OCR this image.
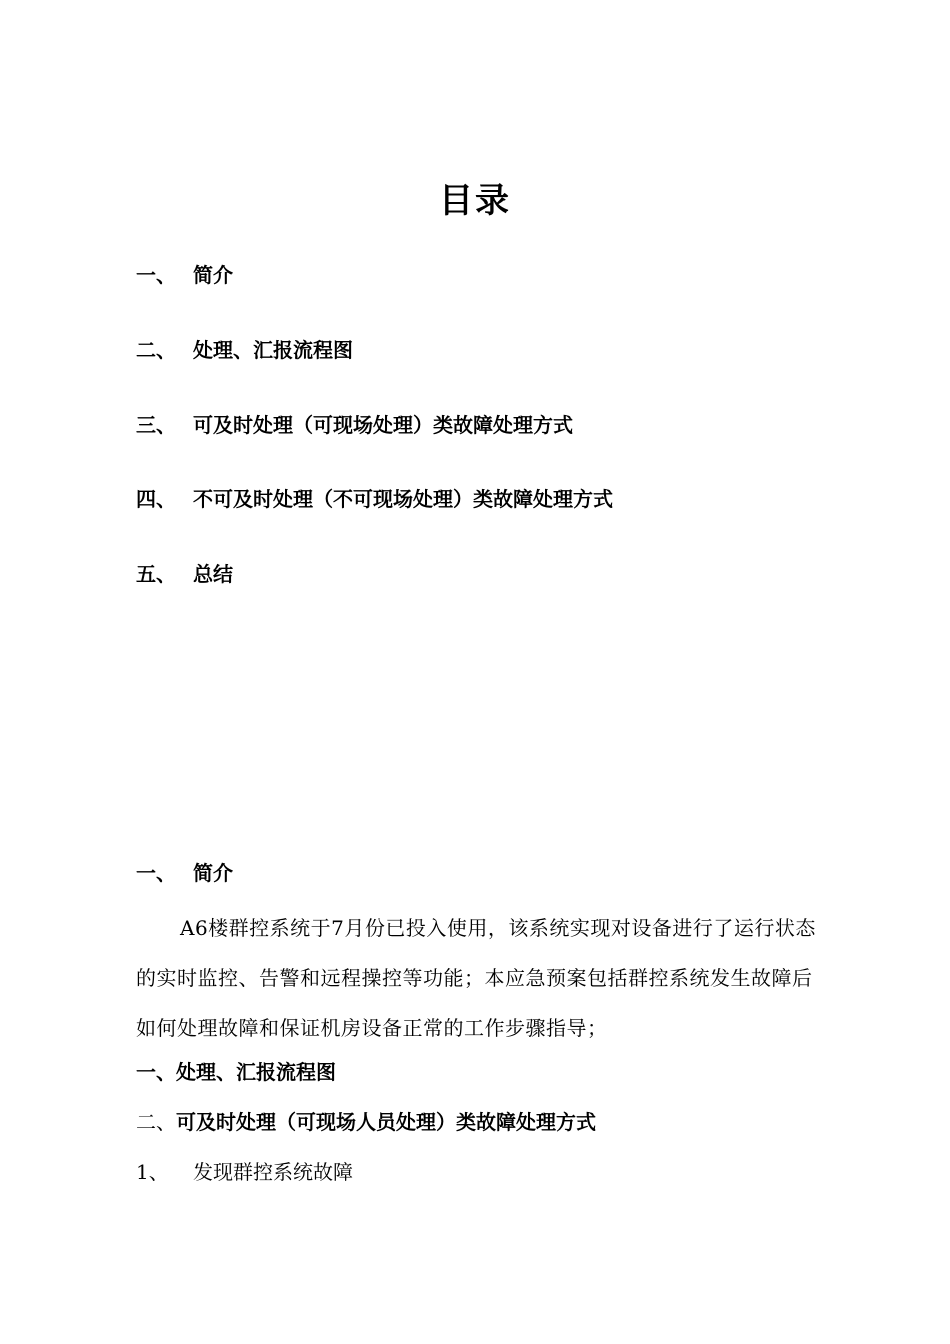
目录
一、 简介
二、 处理、汇报流程图
三、 可及时处理（可现场处理）类故障处理方式
四、 不可及时处理（不可现场处理）类故障处理方式
五、 总结
一、 简介
A6楼群控系统于7月份已投入使用，该系统实现对设备进行了运行状态的实时监控、告警和远程操控等功能；本应急预案包括群控系统发生故障后如何处理故障和保证机房设备正常的工作步骤指导；
一、处理、汇报流程图
二、可及时处理（可现场人员处理）类故障处理方式
1、 发现群控系统故障
